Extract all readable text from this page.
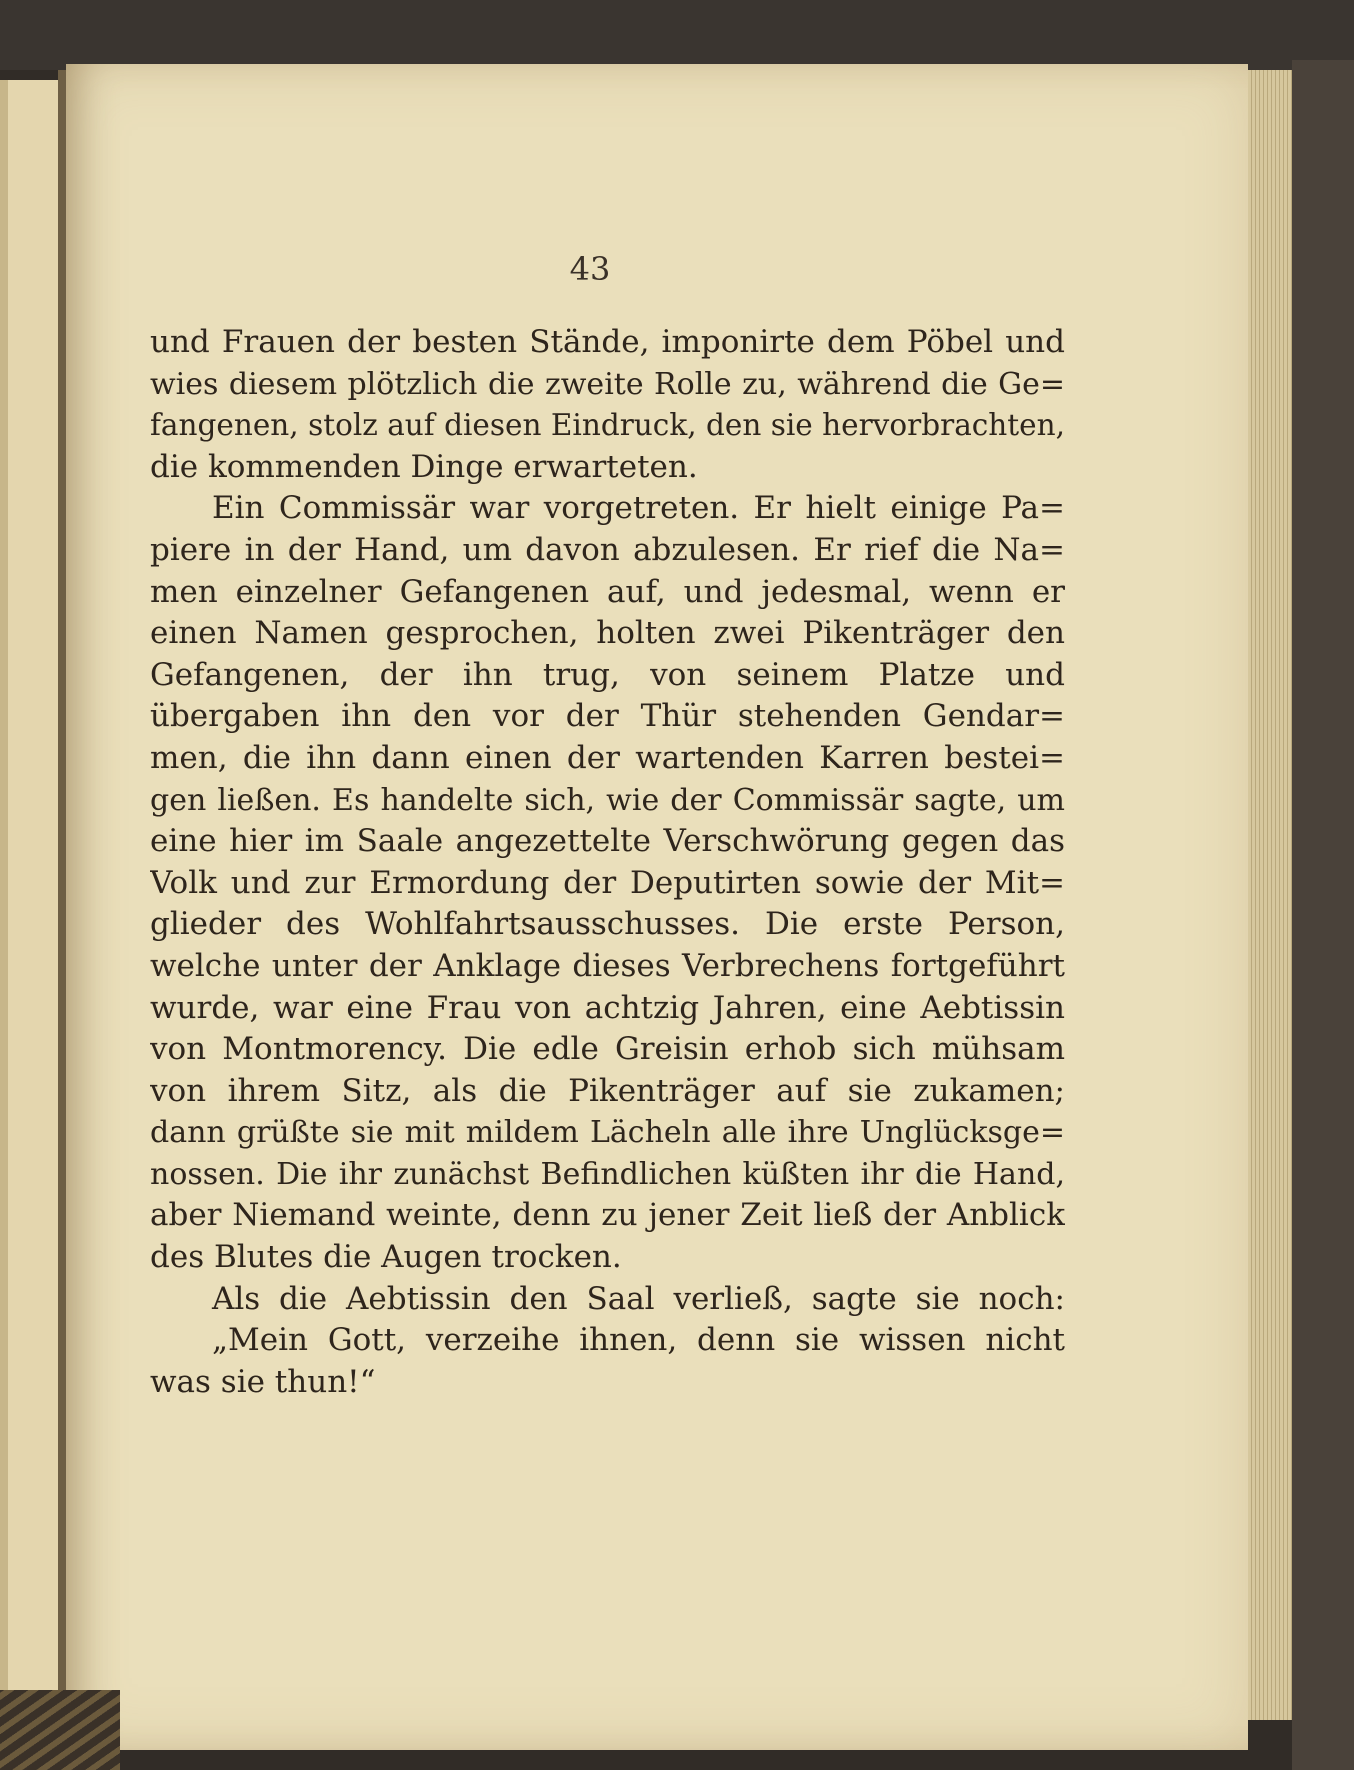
43
und Frauen der besten Stände, imponirte dem Pöbel und
wies diesem plötzlich die zweite Rolle zu, während die Ge=
fangenen, stolz auf diesen Eindruck, den sie hervorbrachten,
die kommenden Dinge erwarteten.
Ein Commissär war vorgetreten. Er hielt einige Pa=
piere in der Hand, um davon abzulesen. Er rief die Na=
men einzelner Gefangenen auf, und jedesmal, wenn er
einen Namen gesprochen, holten zwei Pikenträger den
Gefangenen, der ihn trug, von seinem Platze und
übergaben ihn den vor der Thür stehenden Gendar=
men, die ihn dann einen der wartenden Karren bestei=
gen ließen. Es handelte sich, wie der Commissär sagte, um
eine hier im Saale angezettelte Verschwörung gegen das
Volk und zur Ermordung der Deputirten sowie der Mit=
glieder des Wohlfahrtsausschusses. Die erste Person,
welche unter der Anklage dieses Verbrechens fortgeführt
wurde, war eine Frau von achtzig Jahren, eine Aebtissin
von Montmorency. Die edle Greisin erhob sich mühsam
von ihrem Sitz, als die Pikenträger auf sie zukamen;
dann grüßte sie mit mildem Lächeln alle ihre Unglücksge=
nossen. Die ihr zunächst Befindlichen küßten ihr die Hand,
aber Niemand weinte, denn zu jener Zeit ließ der Anblick
des Blutes die Augen trocken.
Als die Aebtissin den Saal verließ, sagte sie noch:
„Mein Gott, verzeihe ihnen, denn sie wissen nicht
was sie thun!“
